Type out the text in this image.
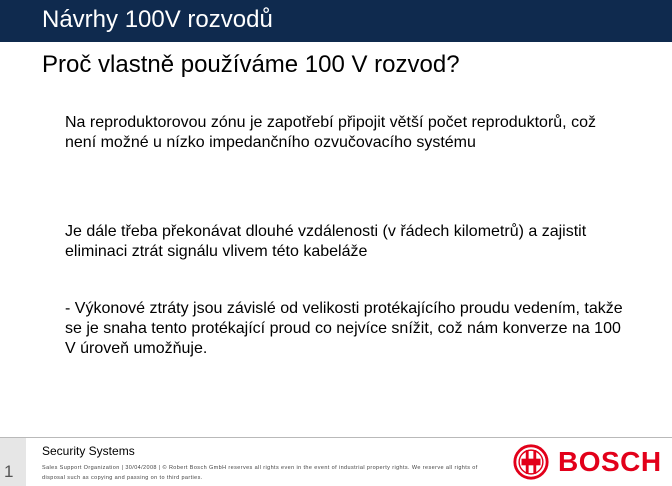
Návrhy 100V rozvodů
Proč vlastně používáme 100 V rozvod?
Na reproduktorovou zónu je zapotřebí připojit větší počet reproduktorů, což není možné u nízko impedančního ozvučovacího systému
Je dále třeba překonávat dlouhé vzdálenosti (v řádech kilometrů) a zajistit eliminaci ztrát signálu vlivem této kabeláže
- Výkonové ztráty jsou závislé od velikosti protékajícího proudu vedením, takže se je snaha tento protékající proud co nejvíce snížit, což nám konverze na 100 V úroveň umožňuje.
1
Security Systems
Sales Support Organization | 30/04/2008 | © Robert Bosch GmbH reserves all rights even in the event of industrial property rights. We reserve all rights of disposal such as copying and passing on to third parties.
BOSCH
